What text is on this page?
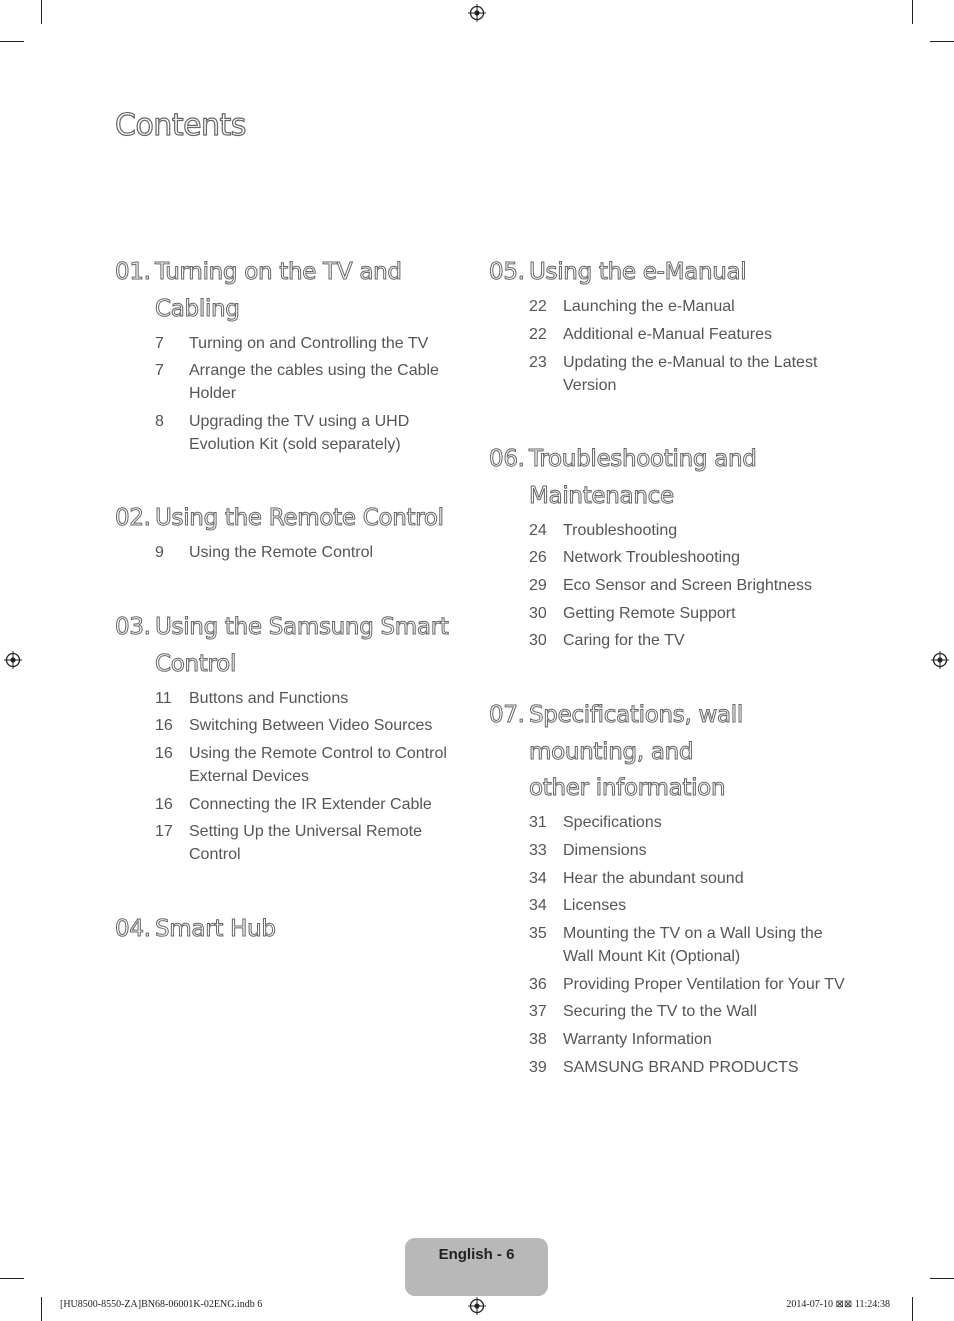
Contents
01. Turning on the TV and Cabling
7 Turning on and Controlling the TV
7 Arrange the cables using the Cable Holder
8 Upgrading the TV using a UHD Evolution Kit (sold separately)
02. Using the Remote Control
9 Using the Remote Control
03. Using the Samsung Smart Control
11 Buttons and Functions
16 Switching Between Video Sources
16 Using the Remote Control to Control External Devices
16 Connecting the IR Extender Cable
17 Setting Up the Universal Remote Control
04. Smart Hub
05. Using the e-Manual
22 Launching the e-Manual
22 Additional e-Manual Features
23 Updating the e-Manual to the Latest Version
06. Troubleshooting and Maintenance
24 Troubleshooting
26 Network Troubleshooting
29 Eco Sensor and Screen Brightness
30 Getting Remote Support
30 Caring for the TV
07. Specifications, wall mounting, and other information
31 Specifications
33 Dimensions
34 Hear the abundant sound
34 Licenses
35 Mounting the TV on a Wall Using the Wall Mount Kit (Optional)
36 Providing Proper Ventilation for Your TV
37 Securing the TV to the Wall
38 Warranty Information
39 SAMSUNG BRAND PRODUCTS
English - 6
[HU8500-8550-ZA]BN68-06001K-02ENG.indb 6	2014-07-10 ⊠⊠ 11:24:38
